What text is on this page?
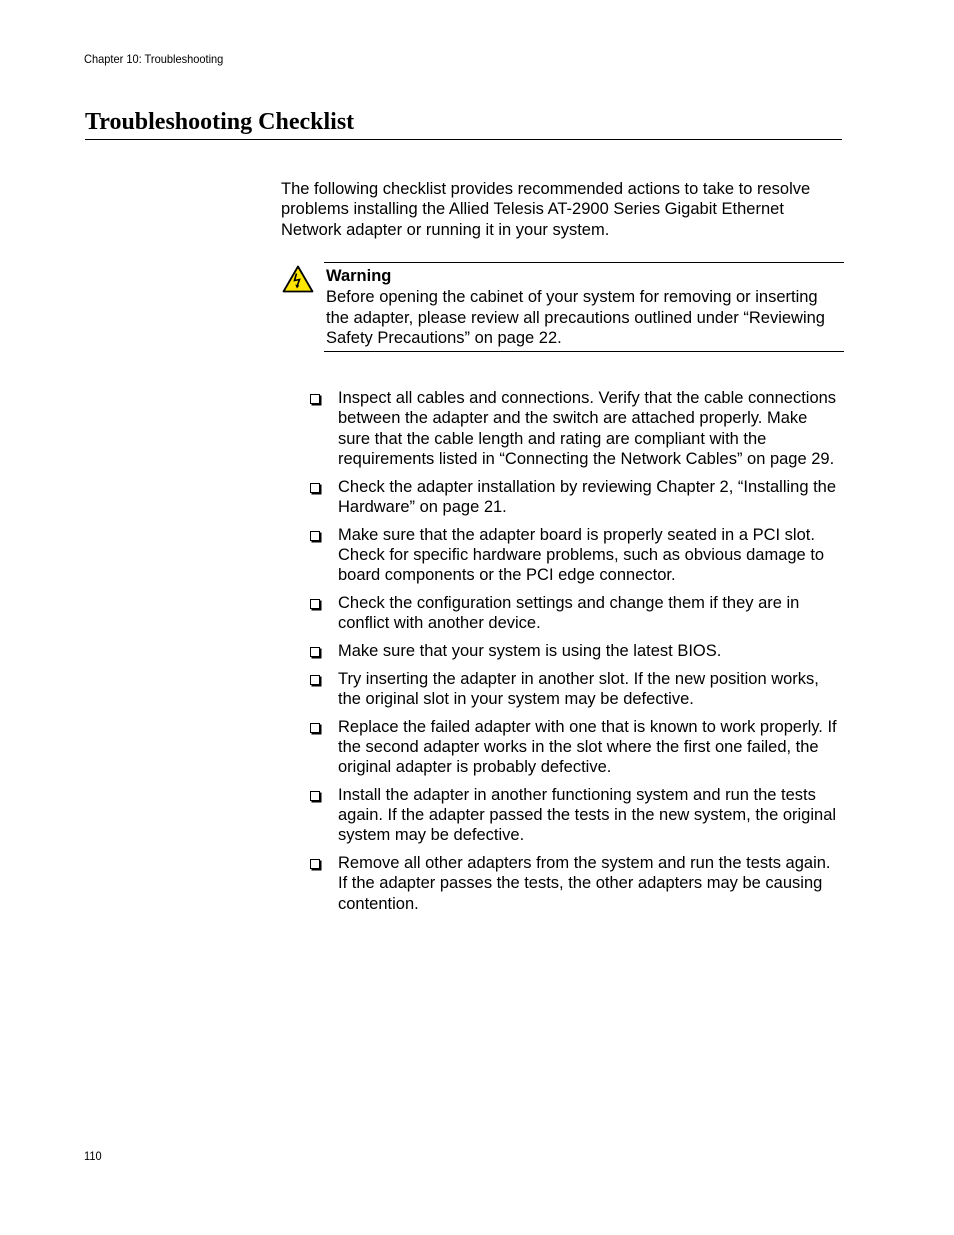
Chapter 10: Troubleshooting
Troubleshooting Checklist

The following checklist provides recommended actions to take to resolve problems installing the Allied Telesis AT-2900 Series Gigabit Ethernet Network adapter or running it in your system.

Warning

Before opening the cabinet of your system for removing or inserting the adapter, please review all precautions outlined under “Reviewing Safety Precautions” on page 22.

Inspect all cables and connections. Verify that the cable connections between the adapter and the switch are attached properly. Make sure that the cable length and rating are compliant with the requirements listed in “Connecting the Network Cables” on page 29.
Check the adapter installation by reviewing Chapter 2, “Installing the Hardware” on page 21.
Make sure that the adapter board is properly seated in a PCI slot. Check for specific hardware problems, such as obvious damage to board components or the PCI edge connector.
Check the configuration settings and change them if they are in conflict with another device.
Make sure that your system is using the latest BIOS.
Try inserting the adapter in another slot. If the new position works, the original slot in your system may be defective.
Replace the failed adapter with one that is known to work properly. If the second adapter works in the slot where the first one failed, the original adapter is probably defective.
Install the adapter in another functioning system and run the tests again. If the adapter passed the tests in the new system, the original system may be defective.
Remove all other adapters from the system and run the tests again. If the adapter passes the tests, the other adapters may be causing contention.
110
